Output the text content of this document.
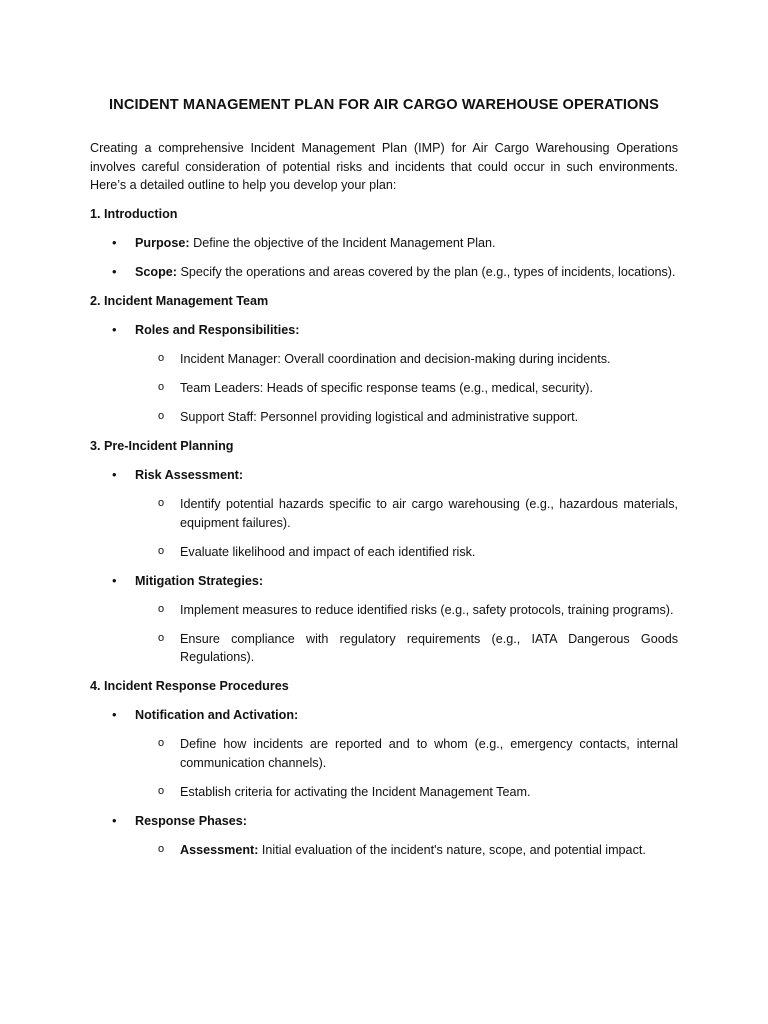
INCIDENT MANAGEMENT PLAN FOR AIR CARGO WAREHOUSE OPERATIONS

Creating a comprehensive Incident Management Plan (IMP) for Air Cargo Warehousing Operations involves careful consideration of potential risks and incidents that could occur in such environments. Here’s a detailed outline to help you develop your plan:

1. Introduction
• Purpose: Define the objective of the Incident Management Plan.
• Scope: Specify the operations and areas covered by the plan (e.g., types of incidents, locations).
2. Incident Management Team
• Roles and Responsibilities:
o Incident Manager: Overall coordination and decision-making during incidents.
o Team Leaders: Heads of specific response teams (e.g., medical, security).
o Support Staff: Personnel providing logistical and administrative support.
3. Pre-Incident Planning
• Risk Assessment:
o Identify potential hazards specific to air cargo warehousing (e.g., hazardous materials, equipment failures).
o Evaluate likelihood and impact of each identified risk.
• Mitigation Strategies:
o Implement measures to reduce identified risks (e.g., safety protocols, training programs).
o Ensure compliance with regulatory requirements (e.g., IATA Dangerous Goods Regulations).
4. Incident Response Procedures
• Notification and Activation:
o Define how incidents are reported and to whom (e.g., emergency contacts, internal communication channels).
o Establish criteria for activating the Incident Management Team.
• Response Phases:
o Assessment: Initial evaluation of the incident's nature, scope, and potential impact.
